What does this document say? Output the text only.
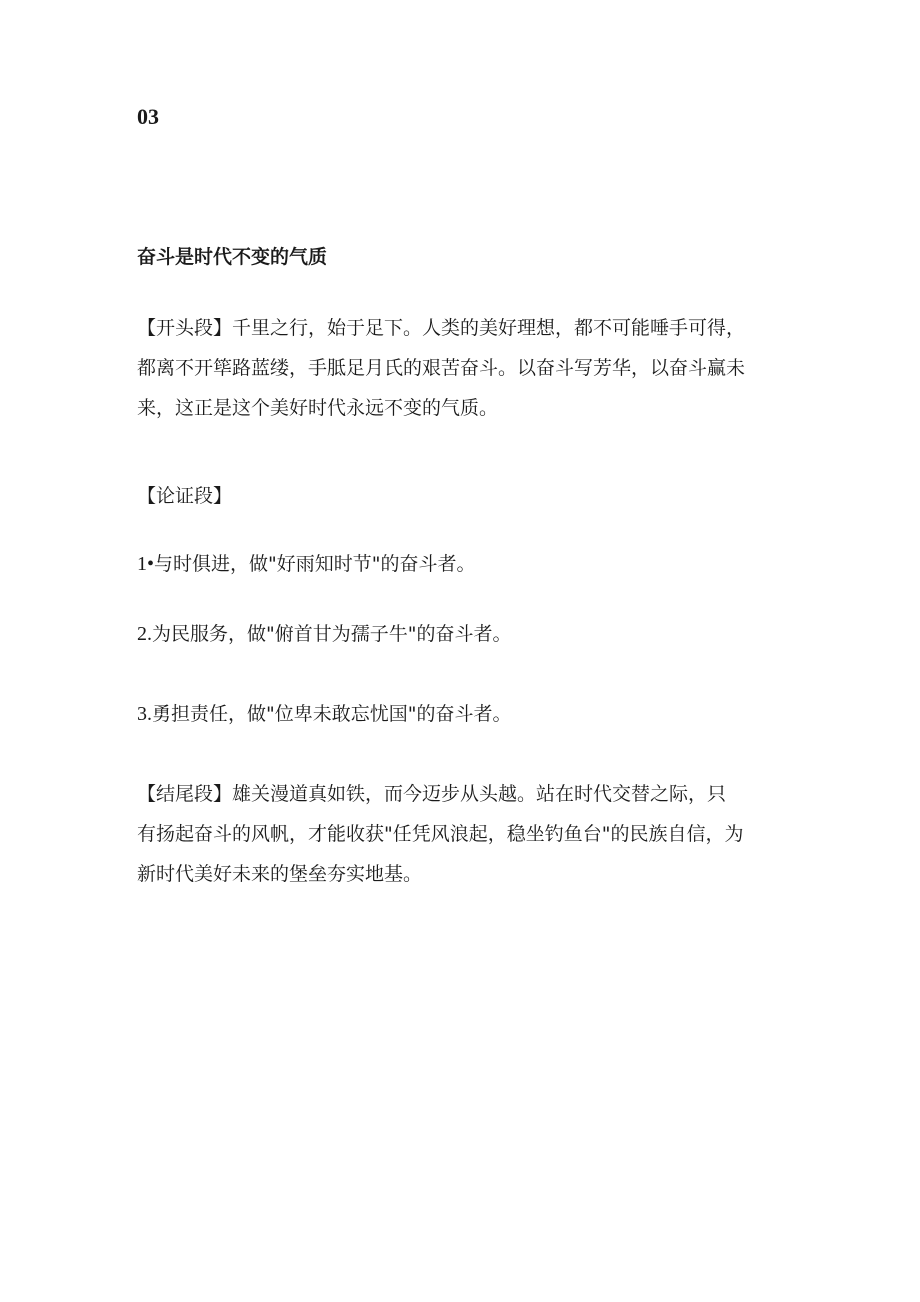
03
奋斗是时代不变的气质
【开头段】千里之行，始于足下。人类的美好理想，都不可能唾手可得，
都离不开筚路蓝缕，手胝足月氏的艰苦奋斗。以奋斗写芳华，以奋斗赢未
来，这正是这个美好时代永远不变的气质。

【论证段】

1•与时俱进，做"好雨知时节"的奋斗者。

2.为民服务，做"俯首甘为孺子牛"的奋斗者。

3.勇担责任，做"位卑未敢忘忧国"的奋斗者。

【结尾段】雄关漫道真如铁，而今迈步从头越。站在时代交替之际，只
有扬起奋斗的风帆，才能收获"任凭风浪起，稳坐钓鱼台"的民族自信，为
新时代美好未来的堡垒夯实地基。
